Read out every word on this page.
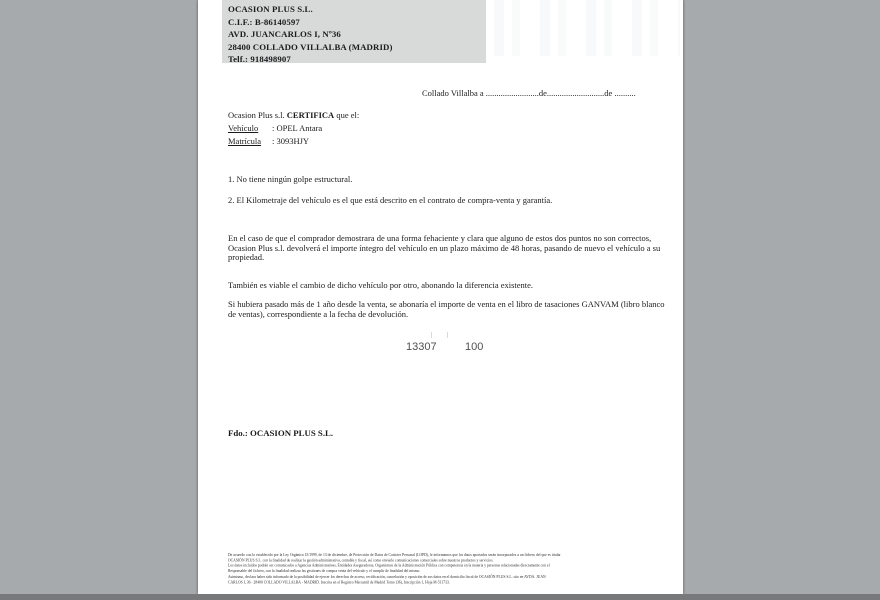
OCASION PLUS S.L.
C.I.F.: B-86140597
AVD. JUANCARLOS I, Nº36
28400 COLLADO VILLALBA (MADRID)
Telf.: 918498907
Collado Villalba a .........................de...........................de ..........
Ocasion Plus s.l. CERTIFICA que el:
Vehículo : OPEL Antara
Matrícula : 3093HJY
1. No tiene ningún golpe estructural.
2. El Kilometraje del vehículo es el que está descrito en el contrato de compra-venta y garantía.
En el caso de que el comprador demostrara de una forma fehaciente y clara que alguno de estos dos puntos no son correctos, Ocasion Plus s.l. devolverá el importe íntegro del vehículo en un plazo máximo de 48 horas, pasando de nuevo el vehículo a su propiedad.
También es viable el cambio de dicho vehículo por otro, abonando la diferencia existente.
Si hubiera pasado más de 1 año desde la venta, se abonaría el importe de venta en el libro de tasaciones GANVAM (libro blanco de ventas), correspondiente a la fecha de devolución.
13307	100
Fdo.: OCASION PLUS S.L.
De acuerdo con lo establecido por la Ley Orgánica 15/1999, de 13 de diciembre, de Protección de Datos de Carácter Personal (LOPD), le informamos que los datos aportados serán incorporados a un fichero del que es titular
OCASIÓN PLUS S.L. con la finalidad de realizar la gestión administrativa, contable y fiscal, así como enviarle comunicaciones comerciales sobre nuestros productos y servicios.
Los datos incluidos podrán ser comunicados a Agencias Administrativas, Entidades Aseguradoras, Organismos de la Administración Pública con competencia en la materia y personas relacionadas directamente con el
Responsable del fichero, con la finalidad realizar las gestiones de compra venta del vehículo y el cumplir de finalidad del mismo.
Asimismo, declara haber sido informado de la posibilidad de ejercer los derechos de acceso, rectificación, cancelación y oposición de sus datos en el domicilio fiscal de OCASIÓN PLUS S.L. sito en AVDA. JUAN
CARLOS I, 36 - 28400 COLLADO VILLALBA - MADRID. Inscrita en el Registro Mercantil de Madrid Tomo (36), Inscripción 1, Hoja M-511733.
